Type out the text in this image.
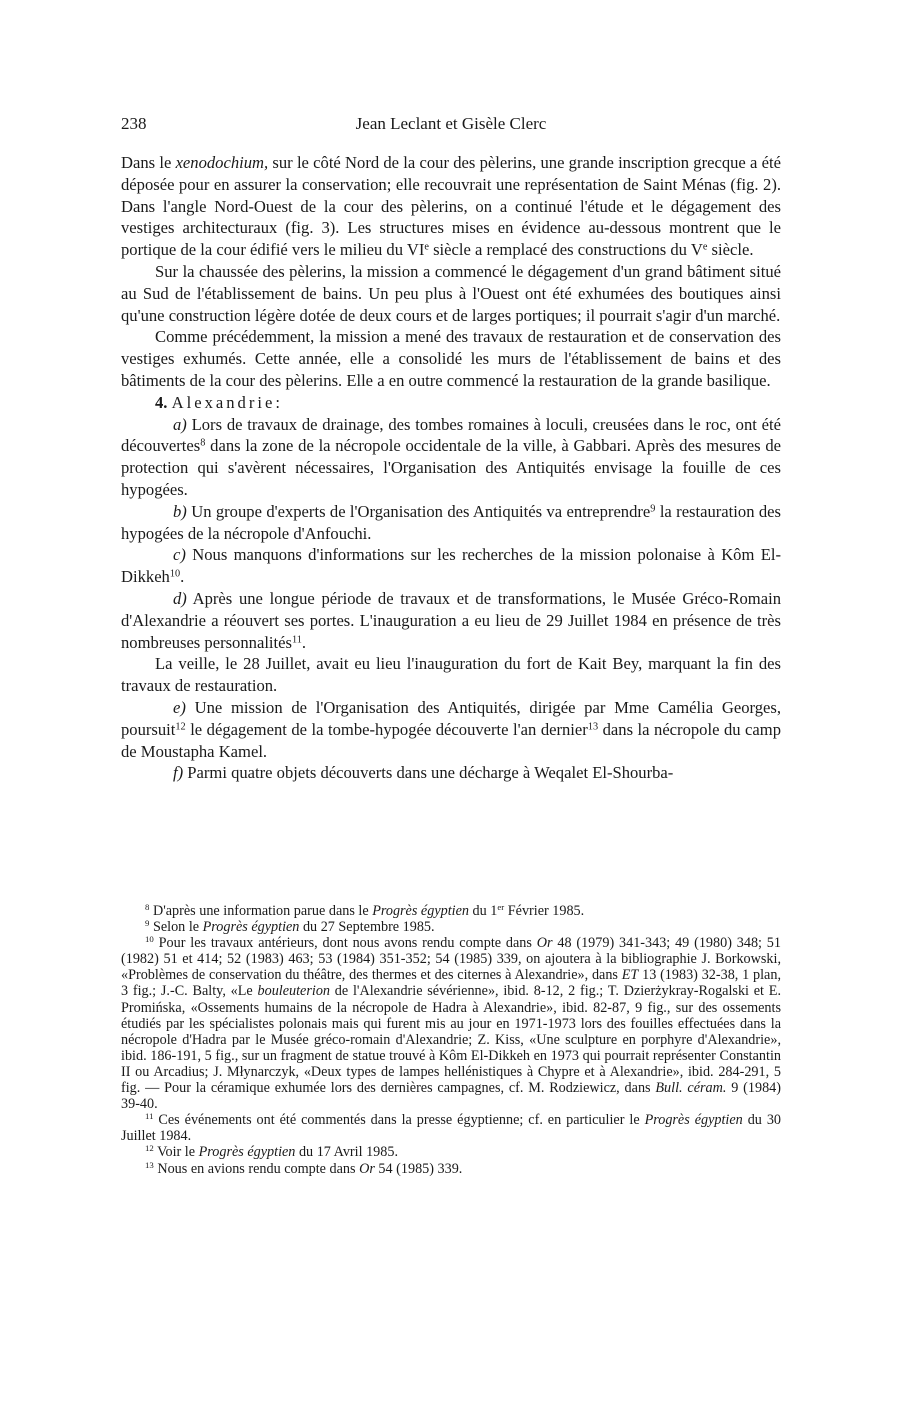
238	Jean Leclant et Gisèle Clerc

Dans le xenodochium, sur le côté Nord de la cour des pèlerins, une grande inscription grecque a été déposée pour en assurer la conservation; elle recouvrait une représentation de Saint Ménas (fig. 2). Dans l'angle Nord-Ouest de la cour des pèlerins, on a continué l'étude et le dégagement des vestiges architecturaux (fig. 3). Les structures mises en évidence au-dessous montrent que le portique de la cour édifié vers le milieu du VIe siècle a remplacé des constructions du Ve siècle.

Sur la chaussée des pèlerins, la mission a commencé le dégagement d'un grand bâtiment situé au Sud de l'établissement de bains. Un peu plus à l'Ouest ont été exhumées des boutiques ainsi qu'une construction légère dotée de deux cours et de larges portiques; il pourrait s'agir d'un marché.

Comme précédemment, la mission a mené des travaux de restauration et de conservation des vestiges exhumés. Cette année, elle a consolidé les murs de l'établissement de bains et des bâtiments de la cour des pèlerins. Elle a en outre commencé la restauration de la grande basilique.

4. Alexandrie:

a) Lors de travaux de drainage, des tombes romaines à loculi, creusées dans le roc, ont été découvertes$^8$ dans la zone de la nécropole occidentale de la ville, à Gabbari. Après des mesures de protection qui s'avèrent nécessaires, l'Organisation des Antiquités envisage la fouille de ces hypogées.

b) Un groupe d'experts de l'Organisation des Antiquités va entreprendre$^9$ la restauration des hypogées de la nécropole d'Anfouchi.

c) Nous manquons d'informations sur les recherches de la mission polonaise à Kôm El-Dikkeh$^{10}$.

d) Après une longue période de travaux et de transformations, le Musée Gréco-Romain d'Alexandrie a réouvert ses portes. L'inauguration a eu lieu de 29 Juillet 1984 en présence de très nombreuses personnalités$^{11}$.

La veille, le 28 Juillet, avait eu lieu l'inauguration du fort de Kait Bey, marquant la fin des travaux de restauration.

e) Une mission de l'Organisation des Antiquités, dirigée par Mme Camélia Georges, poursuit$^{12}$ le dégagement de la tombe-hypogée découverte l'an dernier$^{13}$ dans la nécropole du camp de Moustapha Kamel.

f) Parmi quatre objets découverts dans une décharge à Weqalet El-Shourba-

$^8$ D'après une information parue dans le Progrès égyptien du 1er Février 1985.

$^9$ Selon le Progrès égyptien du 27 Septembre 1985.

$^{10}$ Pour les travaux antérieurs, dont nous avons rendu compte dans Or 48 (1979) 341-343; 49 (1980) 348; 51 (1982) 51 et 414; 52 (1983) 463; 53 (1984) 351-352; 54 (1985) 339, on ajoutera à la bibliographie J. Borkowski, «Problèmes de conservation du théâtre, des thermes et des citernes à Alexandrie», dans ET 13 (1983) 32-38, 1 plan, 3 fig.; J.-C. Balty, «Le bouleuterion de l'Alexandrie sévérienne», ibid. 8-12, 2 fig.; T. Dzierżykray-Rogalski et E. Promińska, «Ossements humains de la nécropole de Hadra à Alexandrie», ibid. 82-87, 9 fig., sur des ossements étudiés par les spécialistes polonais mais qui furent mis au jour en 1971-1973 lors des fouilles effectuées dans la nécropole d'Hadra par le Musée gréco-romain d'Alexandrie; Z. Kiss, «Une sculpture en porphyre d'Alexandrie», ibid. 186-191, 5 fig., sur un fragment de statue trouvé à Kôm El-Dikkeh en 1973 qui pourrait représenter Constantin II ou Arcadius; J. Młynarczyk, «Deux types de lampes hellénistiques à Chypre et à Alexandrie», ibid. 284-291, 5 fig. — Pour la céramique exhumée lors des dernières campagnes, cf. M. Rodziewicz, dans Bull. céram. 9 (1984) 39-40.

$^{11}$ Ces événements ont été commentés dans la presse égyptienne; cf. en particulier le Progrès égyptien du 30 Juillet 1984.

$^{12}$ Voir le Progrès égyptien du 17 Avril 1985.

$^{13}$ Nous en avions rendu compte dans Or 54 (1985) 339.
